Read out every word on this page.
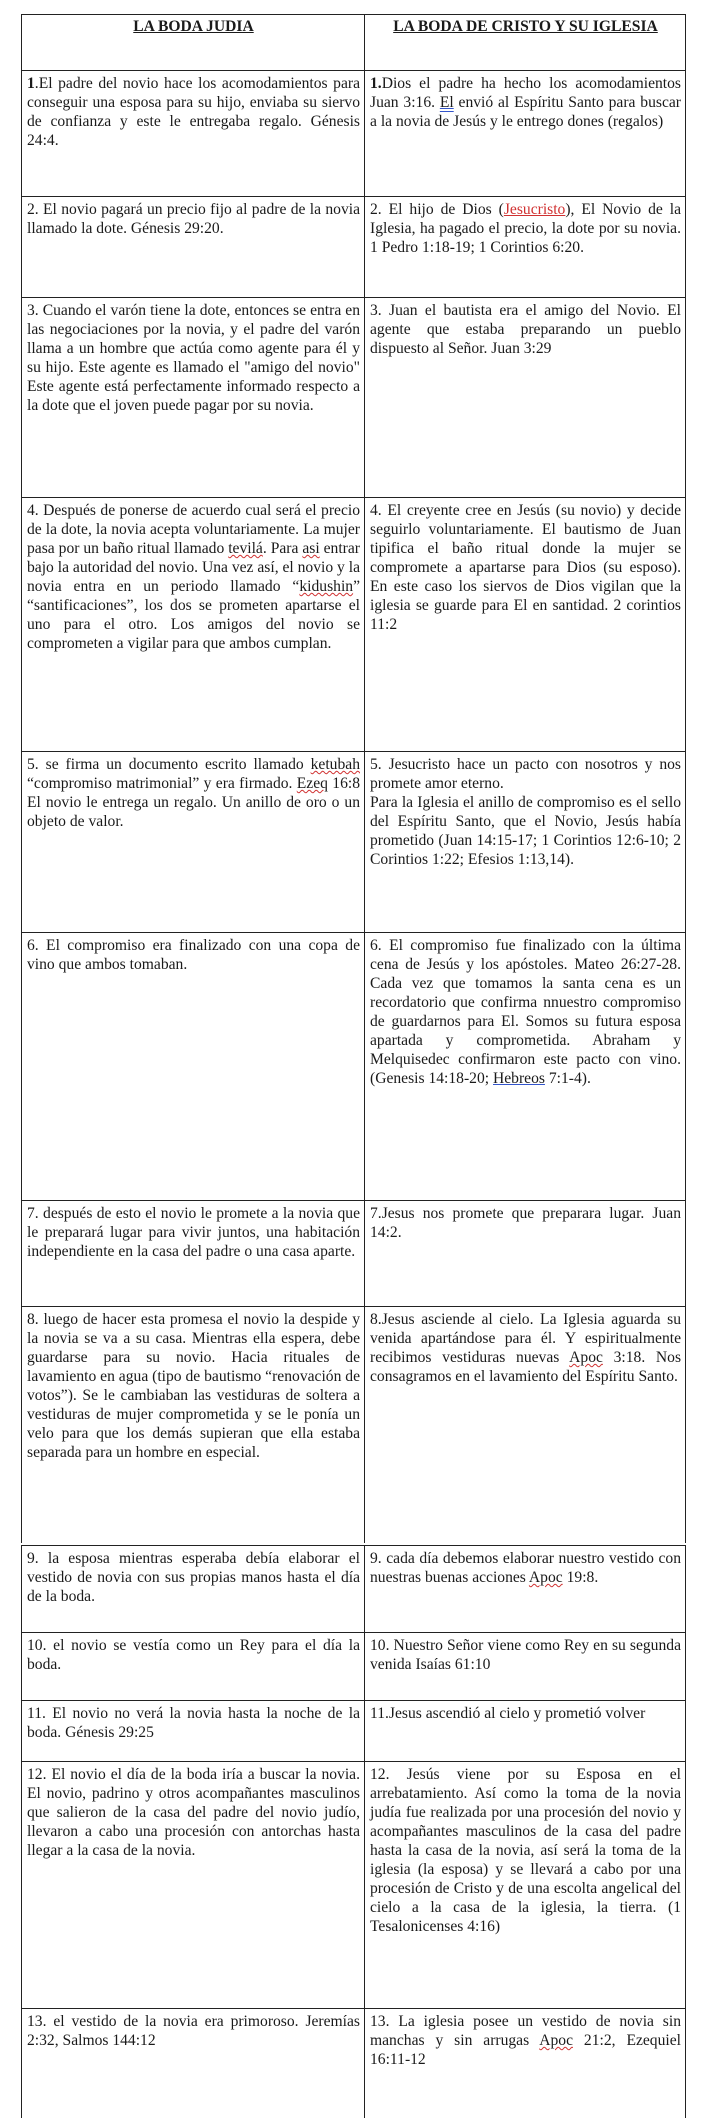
LA BODA JUDIA	LA BODA DE CRISTO Y SU IGLESIA
1.El padre del novio hace los acomodamientos para conseguir una esposa para su hijo, enviaba su siervo de confianza y este le entregaba regalo. Génesis 24:4.
1.Dios el padre ha hecho los acomodamientos Juan 3:16. El envió al Espíritu Santo para buscar a la novia de Jesús y le entrego dones (regalos)
2. El novio pagará un precio fijo al padre de la novia llamado la dote. Génesis 29:20.
2. El hijo de Dios (Jesucristo), El Novio de la Iglesia, ha pagado el precio, la dote por su novia. 1 Pedro 1:18-19; 1 Corintios 6:20.
3. Cuando el varón tiene la dote, entonces se entra en las negociaciones por la novia, y el padre del varón llama a un hombre que actúa como agente para él y su hijo. Este agente es llamado el "amigo del novio" Este agente está perfectamente informado respecto a la dote que el joven puede pagar por su novia.
3. Juan el bautista era el amigo del Novio. El agente que estaba preparando un pueblo dispuesto al Señor. Juan 3:29
4. Después de ponerse de acuerdo cual será el precio de la dote, la novia acepta voluntariamente. La mujer pasa por un baño ritual llamado tevilá. Para asi entrar bajo la autoridad del novio. Una vez así, el novio y la novia entra en un periodo llamado “kidushin” “santificaciones”, los dos se prometen apartarse el uno para el otro. Los amigos del novio se comprometen a vigilar para que ambos cumplan.
4. El creyente cree en Jesús (su novio) y decide seguirlo voluntariamente. El bautismo de Juan tipifica el baño ritual donde la mujer se compromete a apartarse para Dios (su esposo). En este caso los siervos de Dios vigilan que la iglesia se guarde para El en santidad. 2 corintios 11:2
5. se firma un documento escrito llamado ketubah “compromiso matrimonial” y era firmado. Ezeq 16:8 El novio le entrega un regalo. Un anillo de oro o un objeto de valor.
5. Jesucristo hace un pacto con nosotros y nos promete amor eterno.
Para la Iglesia el anillo de compromiso es el sello del Espíritu Santo, que el Novio, Jesús había prometido (Juan 14:15-17; 1 Corintios 12:6-10; 2 Corintios 1:22; Efesios 1:13,14).
6. El compromiso era finalizado con una copa de vino que ambos tomaban.
6. El compromiso fue finalizado con la última cena de Jesús y los apóstoles. Mateo 26:27-28. Cada vez que tomamos la santa cena es un recordatorio que confirma nnuestro compromiso de guardarnos para El. Somos su futura esposa apartada y comprometida. Abraham y Melquisedec confirmaron este pacto con vino. (Genesis 14:18-20; Hebreos 7:1-4).
7. después de esto el novio le promete a la novia que le preparará lugar para vivir juntos, una habitación independiente en la casa del padre o una casa aparte.
7.Jesus nos promete que preparara lugar. Juan 14:2.
8. luego de hacer esta promesa el novio la despide y la novia se va a su casa. Mientras ella espera, debe guardarse para su novio. Hacia rituales de lavamiento en agua (tipo de bautismo “renovación de votos”). Se le cambiaban las vestiduras de soltera a vestiduras de mujer comprometida y se le ponía un velo para que los demás supieran que ella estaba separada para un hombre en especial.
8.Jesus asciende al cielo. La Iglesia aguarda su venida apartándose para él. Y espiritualmente recibimos vestiduras nuevas Apoc 3:18. Nos consagramos en el lavamiento del Espíritu Santo.
9. la esposa mientras esperaba debía elaborar el vestido de novia con sus propias manos hasta el día de la boda.
9. cada día debemos elaborar nuestro vestido con nuestras buenas acciones Apoc 19:8.
10. el novio se vestía como un Rey para el día la boda.
10. Nuestro Señor viene como Rey en su segunda venida Isaías 61:10
11. El novio no verá la novia hasta la noche de la boda. Génesis 29:25
11.Jesus ascendió al cielo y prometió volver
12. El novio el día de la boda iría a buscar la novia. El novio, padrino y otros acompañantes masculinos que salieron de la casa del padre del novio judío, llevaron a cabo una procesión con antorchas hasta llegar a la casa de la novia.
12. Jesús viene por su Esposa en el arrebatamiento. Así como la toma de la novia judía fue realizada por una procesión del novio y acompañantes masculinos de la casa del padre hasta la casa de la novia, así será la toma de la iglesia (la esposa) y se llevará a cabo por una procesión de Cristo y de una escolta angelical del cielo a la casa de la iglesia, la tierra. (1 Tesalonicenses 4:16)
13. el vestido de la novia era primoroso. Jeremías 2:32, Salmos 144:12
13. La iglesia posee un vestido de novia sin manchas y sin arrugas Apoc 21:2, Ezequiel 16:11-12
